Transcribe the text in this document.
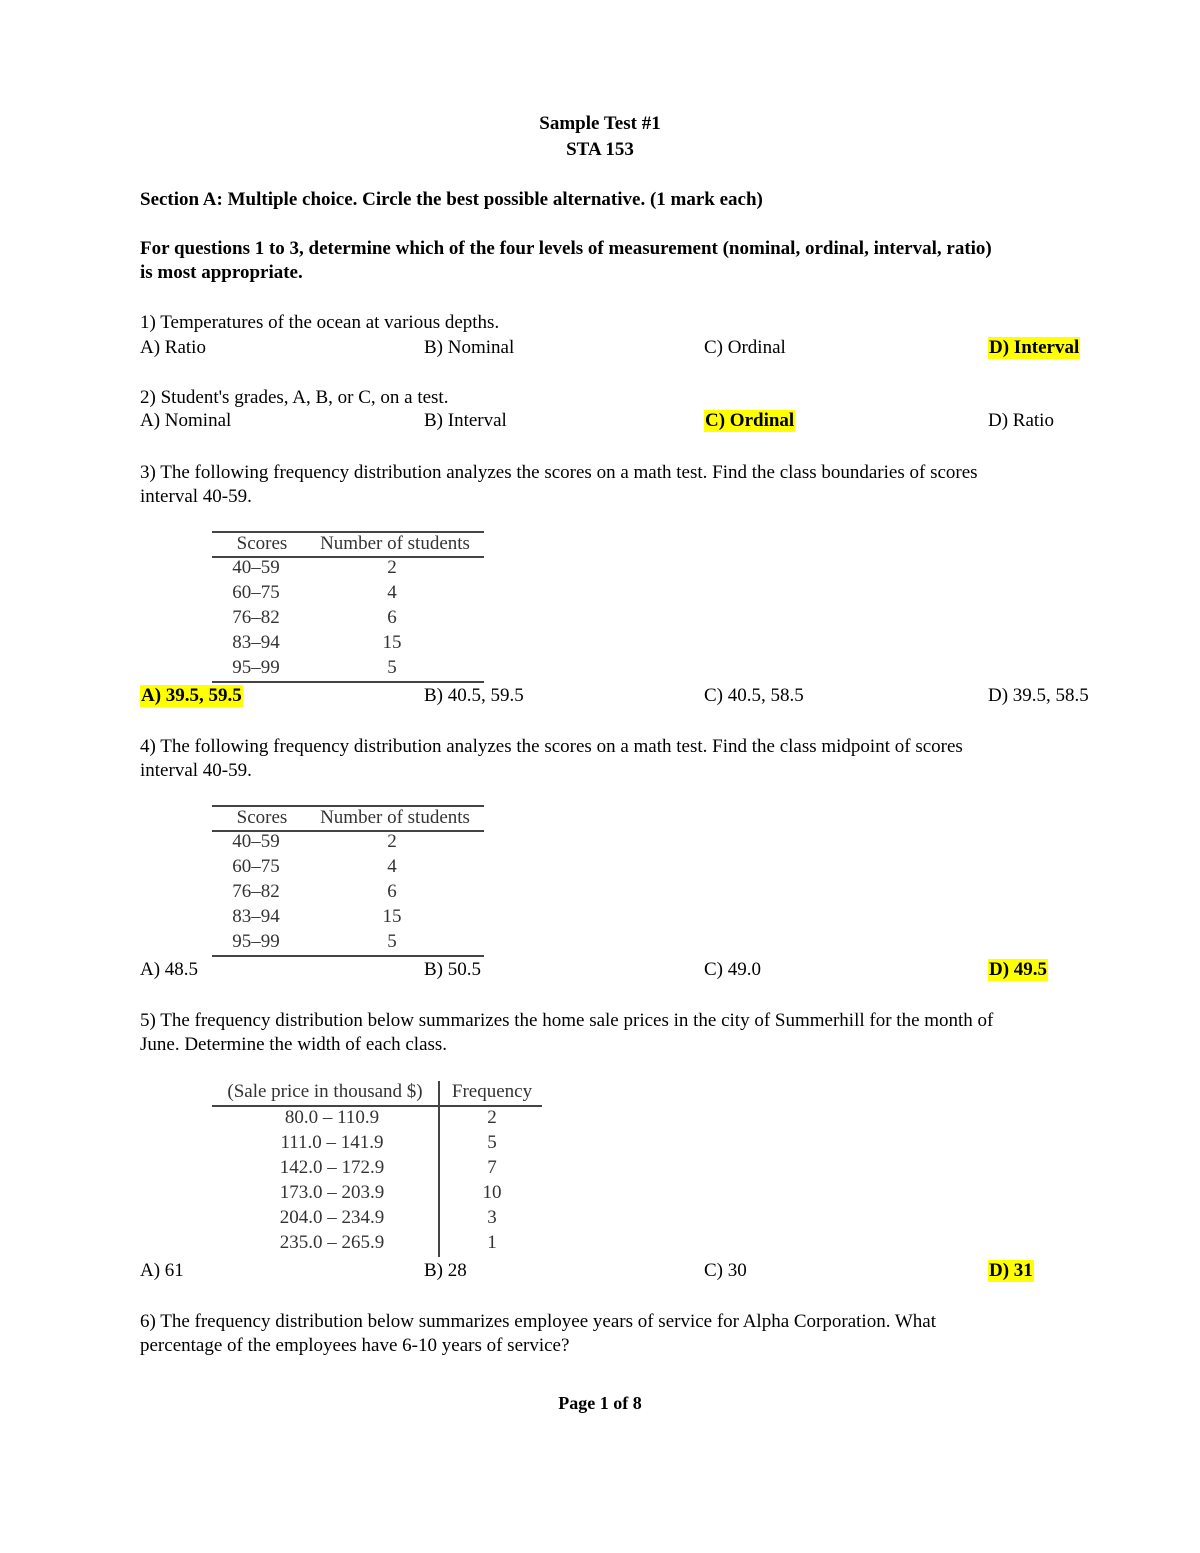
Sample Test #1
STA 153
Section A: Multiple choice. Circle the best possible alternative. (1 mark each)
For questions 1 to 3, determine which of the four levels of measurement (nominal, ordinal, interval, ratio)
is most appropriate.
1) Temperatures of the ocean at various depths.
A) Ratio	B) Nominal	C) Ordinal	D) Interval
2) Student's grades, A, B, or C, on a test.
A) Nominal	B) Interval	C) Ordinal	D) Ratio
3) The following frequency distribution analyzes the scores on a math test. Find the class boundaries of scores
interval 40-59.
Scores	Number of students
40–59	2
60–75	4
76–82	6
83–94	15
95–99	5
A) 39.5, 59.5	B) 40.5, 59.5	C) 40.5, 58.5	D) 39.5, 58.5
4) The following frequency distribution analyzes the scores on a math test. Find the class midpoint of scores
interval 40-59.
Scores	Number of students
40–59	2
60–75	4
76–82	6
83–94	15
95–99	5
A) 48.5	B) 50.5	C) 49.0	D) 49.5
5) The frequency distribution below summarizes the home sale prices in the city of Summerhill for the month of
June. Determine the width of each class.
(Sale price in thousand $)	Frequency
80.0 – 110.9	2
111.0 – 141.9	5
142.0 – 172.9	7
173.0 – 203.9	10
204.0 – 234.9	3
235.0 – 265.9	1
A) 61	B) 28	C) 30	D) 31
6) The frequency distribution below summarizes employee years of service for Alpha Corporation. What
percentage of the employees have 6-10 years of service?
Page 1 of 8
